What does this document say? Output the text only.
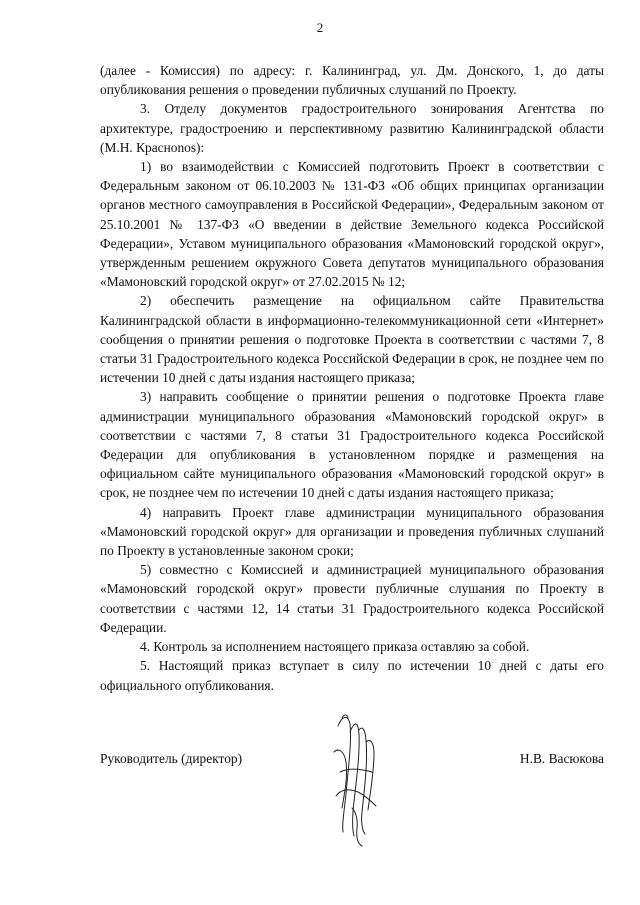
2

(далее - Комиссия) по адресу: г. Калининград, ул. Дм. Донского, 1, до даты опубликования решения о проведении публичных слушаний по Проекту.

3. Отделу документов градостроительного зонирования Агентства по архитектуре, градостроению и перспективному развитию Калининградской области (М.Н. Красноnos):

1) во взаимодействии с Комиссией подготовить Проект в соответствии с Федеральным законом от 06.10.2003 № 131-ФЗ «Об общих принципах организации органов местного самоуправления в Российской Федерации», Федеральным законом от 25.10.2001 № 137-ФЗ «О введении в действие Земельного кодекса Российской Федерации», Уставом муниципального образования «Мамоновский городской округ», утвержденным решением окружного Совета депутатов муниципального образования «Мамоновский городской округ» от 27.02.2015 № 12;

2) обеспечить размещение на официальном сайте Правительства Калининградской области в информационно-телекоммуникационной сети «Интернет» сообщения о принятии решения о подготовке Проекта в соответствии с частями 7, 8 статьи 31 Градостроительного кодекса Российской Федерации в срок, не позднее чем по истечении 10 дней с даты издания настоящего приказа;

3) направить сообщение о принятии решения о подготовке Проекта главе администрации муниципального образования «Мамоновский городской округ» в соответствии с частями 7, 8 статьи 31 Градостроительного кодекса Российской Федерации для опубликования в установленном порядке и размещения на официальном сайте муниципального образования «Мамоновский городской округ» в срок, не позднее чем по истечении 10 дней с даты издания настоящего приказа;

4) направить Проект главе администрации муниципального образования «Мамоновский городской округ» для организации и проведения публичных слушаний по Проекту в установленные законом сроки;

5) совместно с Комиссией и администрацией муниципального образования «Мамоновский городской округ» провести публичные слушания по Проекту в соответствии с частями 12, 14 статьи 31 Градостроительного кодекса Российской Федерации.

4. Контроль за исполнением настоящего приказа оставляю за собой.

5. Настоящий приказ вступает в силу по истечении 10 дней с даты его официального опубликования.

Руководитель (директор)	Н.В. Васюкова
